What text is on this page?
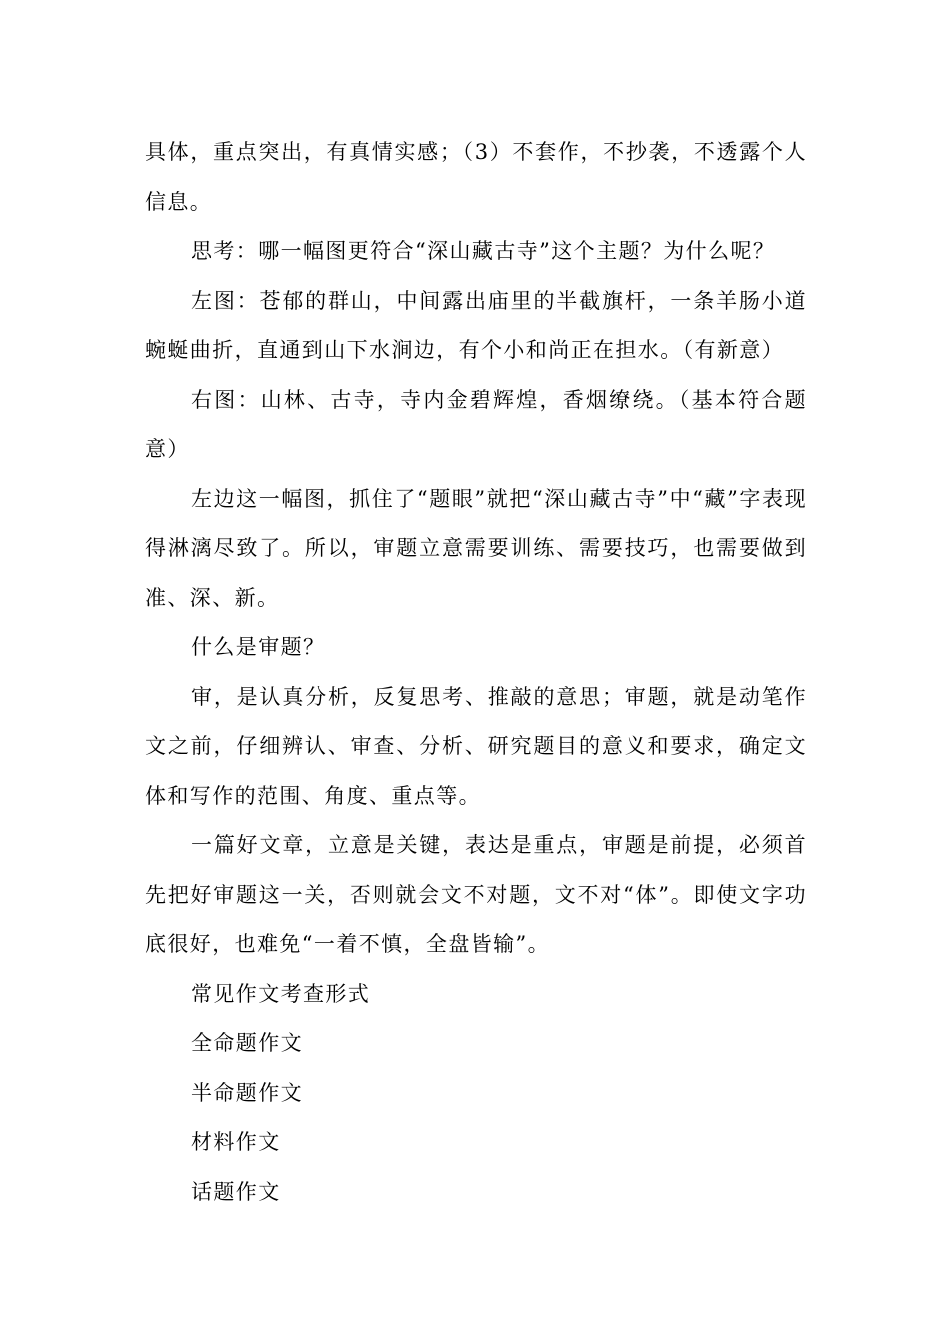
具体，重点突出，有真情实感；（3）不套作，不抄袭，不透露个人信息。

思考：哪一幅图更符合“深山藏古寺”这个主题？为什么呢？

左图：苍郁的群山，中间露出庙里的半截旗杆，一条羊肠小道蜿蜒曲折，直通到山下水涧边，有个小和尚正在担水。（有新意）

右图：山林、古寺，寺内金碧辉煌，香烟缭绕。（基本符合题意）

左边这一幅图，抓住了“题眼”就把“深山藏古寺”中“藏”字表现得淋漓尽致了。所以，审题立意需要训练、需要技巧，也需要做到准、深、新。

什么是审题？

审，是认真分析，反复思考、推敲的意思；审题，就是动笔作文之前，仔细辨认、审查、分析、研究题目的意义和要求，确定文体和写作的范围、角度、重点等。

一篇好文章，立意是关键，表达是重点，审题是前提，必须首先把好审题这一关，否则就会文不对题，文不对“体”。即使文字功底很好，也难免“一着不慎，全盘皆输”。

常见作文考查形式

全命题作文

半命题作文

材料作文

话题作文
